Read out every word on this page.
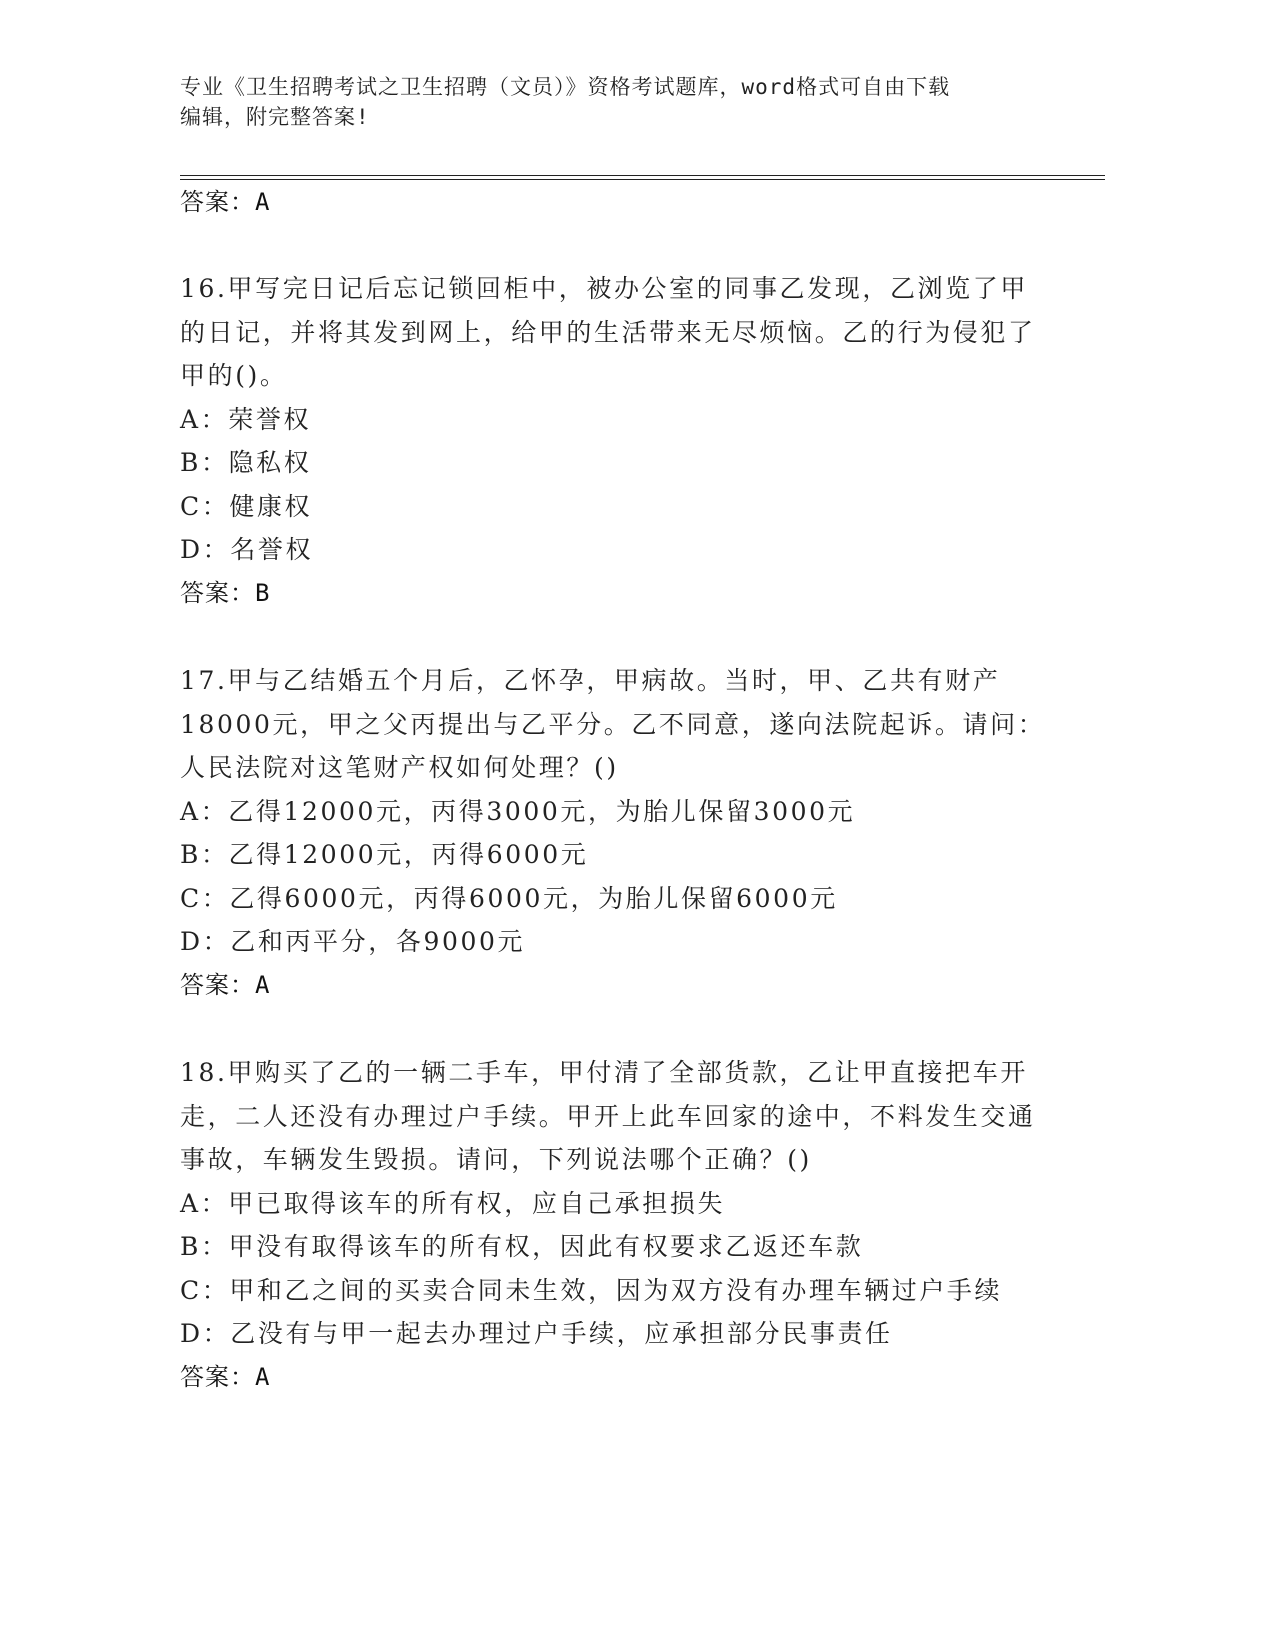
专业《卫生招聘考试之卫生招聘（文员）》资格考试题库，word格式可自由下载
编辑，附完整答案!
答案：A

16.甲写完日记后忘记锁回柜中，被办公室的同事乙发现，乙浏览了甲的日记，并将其发到网上，给甲的生活带来无尽烦恼。乙的行为侵犯了甲的()。

A：荣誉权
B：隐私权
C：健康权
D：名誉权
答案：B

17.甲与乙结婚五个月后，乙怀孕，甲病故。当时，甲、乙共有财产18000元，甲之父丙提出与乙平分。乙不同意，遂向法院起诉。请问：人民法院对这笔财产权如何处理？()

A：乙得12000元，丙得3000元，为胎儿保留3000元
B：乙得12000元，丙得6000元
C：乙得6000元，丙得6000元，为胎儿保留6000元
D：乙和丙平分，各9000元
答案：A

18.甲购买了乙的一辆二手车，甲付清了全部货款，乙让甲直接把车开走，二人还没有办理过户手续。甲开上此车回家的途中，不料发生交通事故，车辆发生毁损。请问，下列说法哪个正确？()

A：甲已取得该车的所有权，应自己承担损失
B：甲没有取得该车的所有权，因此有权要求乙返还车款
C：甲和乙之间的买卖合同未生效，因为双方没有办理车辆过户手续
D：乙没有与甲一起去办理过户手续，应承担部分民事责任
答案：A
